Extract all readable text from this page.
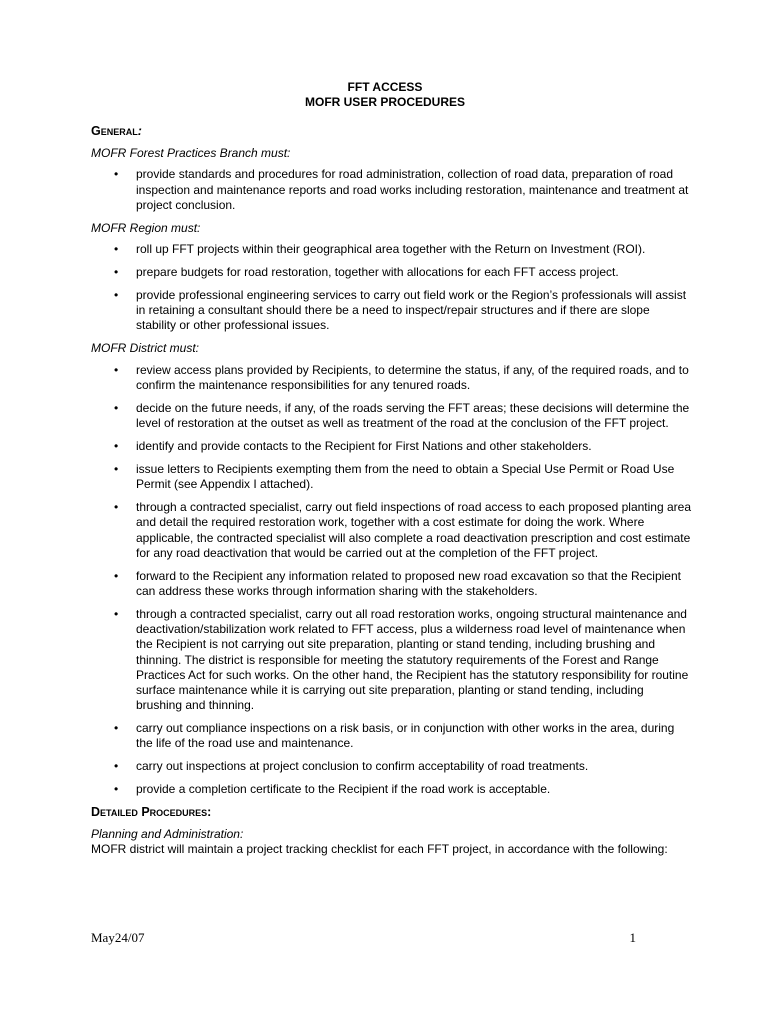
FFT ACCESS
MOFR USER PROCEDURES

General:

MOFR Forest Practices Branch must:

• provide standards and procedures for road administration, collection of road data, preparation of road inspection and maintenance reports and road works including restoration, maintenance and treatment at project conclusion.

MOFR Region must:

• roll up FFT projects within their geographical area together with the Return on Investment (ROI).
• prepare budgets for road restoration, together with allocations for each FFT access project.
• provide professional engineering services to carry out field work or the Region’s professionals will assist in retaining a consultant should there be a need to inspect/repair structures and if there are slope stability or other professional issues.

MOFR District must:

• review access plans provided by Recipients, to determine the status, if any, of the required roads, and to confirm the maintenance responsibilities for any tenured roads.
• decide on the future needs, if any, of the roads serving the FFT areas; these decisions will determine the level of restoration at the outset as well as treatment of the road at the conclusion of the FFT project.
• identify and provide contacts to the Recipient for First Nations and other stakeholders.
• issue letters to Recipients exempting them from the need to obtain a Special Use Permit or Road Use Permit (see Appendix I attached).
• through a contracted specialist, carry out field inspections of road access to each proposed planting area and detail the required restoration work, together with a cost estimate for doing the work. Where applicable, the contracted specialist will also complete a road deactivation prescription and cost estimate for any road deactivation that would be carried out at the completion of the FFT project.
• forward to the Recipient any information related to proposed new road excavation so that the Recipient can address these works through information sharing with the stakeholders.
• through a contracted specialist, carry out all road restoration works, ongoing structural maintenance and deactivation/stabilization work related to FFT access, plus a wilderness road level of maintenance when the Recipient is not carrying out site preparation, planting or stand tending, including brushing and thinning. The district is responsible for meeting the statutory requirements of the Forest and Range Practices Act for such works. On the other hand, the Recipient has the statutory responsibility for routine surface maintenance while it is carrying out site preparation, planting or stand tending, including brushing and thinning.
• carry out compliance inspections on a risk basis, or in conjunction with other works in the area, during the life of the road use and maintenance.
• carry out inspections at project conclusion to confirm acceptability of road treatments.
• provide a completion certificate to the Recipient if the road work is acceptable.

Detailed Procedures:

Planning and Administration:

MOFR district will maintain a project tracking checklist for each FFT project, in accordance with the following:

May24/07	1
